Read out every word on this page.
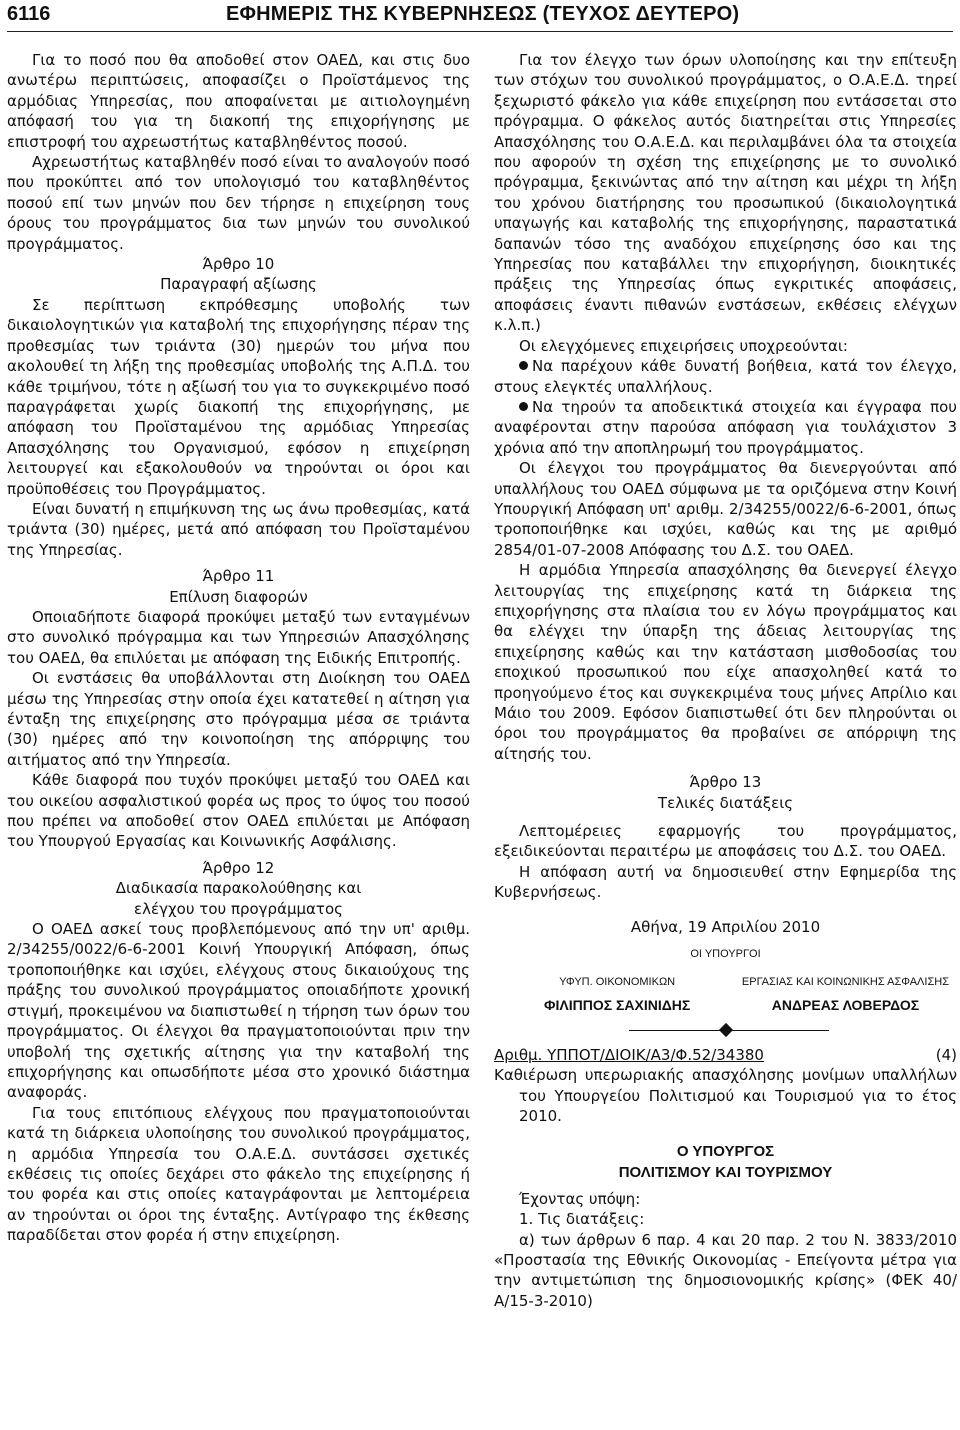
6116	ΕΦΗΜΕΡΙΣ ΤΗΣ ΚΥΒΕΡΝΗΣΕΩΣ (ΤΕΥΧΟΣ ΔΕΥΤΕΡΟ)

Για το ποσό που θα αποδοθεί στον ΟΑΕΔ, και στις δυο ανωτέρω περιπτώσεις, αποφασίζει ο Προϊστάμενος της αρμόδιας Υπηρεσίας, που αποφαίνεται με αιτιολογημένη απόφασή του για τη διακοπή της επιχορήγησης με επιστροφή του αχρεωστήτως καταβληθέντος ποσού.

Αχρεωστήτως καταβληθέν ποσό είναι το αναλογούν ποσό που προκύπτει από τον υπολογισμό του καταβληθέντος ποσού επί των μηνών που δεν τήρησε η επιχείρηση τους όρους του προγράμματος δια των μηνών του συνολικού προγράμματος.

Άρθρο 10
Παραγραφή αξίωσης

Σε περίπτωση εκπρόθεσμης υποβολής των δικαιολογητικών για καταβολή της επιχορήγησης πέραν της προθεσμίας των τριάντα (30) ημερών του μήνα που ακολουθεί τη λήξη της προθεσμίας υποβολής της Α.Π.Δ. του κάθε τριμήνου, τότε η αξίωσή του για το συγκεκριμένο ποσό παραγράφεται χωρίς διακοπή της επιχορήγησης, με απόφαση του Προϊσταμένου της αρμόδιας Υπηρεσίας Απασχόλησης του Οργανισμού, εφόσον η επιχείρηση λειτουργεί και εξακολουθούν να τηρούνται οι όροι και προϋποθέσεις του Προγράμματος.

Είναι δυνατή η επιμήκυνση της ως άνω προθεσμίας, κατά τριάντα (30) ημέρες, μετά από απόφαση του Προϊσταμένου της Υπηρεσίας.

Άρθρο 11
Επίλυση διαφορών

Οποιαδήποτε διαφορά προκύψει μεταξύ των ενταγμένων στο συνολικό πρόγραμμα και των Υπηρεσιών Απασχόλησης του ΟΑΕΔ, θα επιλύεται με απόφαση της Ειδικής Επιτροπής.

Οι ενστάσεις θα υποβάλλονται στη Διοίκηση του ΟΑΕΔ μέσω της Υπηρεσίας στην οποία έχει κατατεθεί η αίτηση για ένταξη της επιχείρησης στο πρόγραμμα μέσα σε τριάντα (30) ημέρες από την κοινοποίηση της απόρριψης του αιτήματος από την Υπηρεσία.

Κάθε διαφορά που τυχόν προκύψει μεταξύ του ΟΑΕΔ και του οικείου ασφαλιστικού φορέα ως προς το ύψος του ποσού που πρέπει να αποδοθεί στον ΟΑΕΔ επιλύεται με Απόφαση του Υπουργού Εργασίας και Κοινωνικής Ασφάλισης.

Άρθρο 12
Διαδικασία παρακολούθησης και
ελέγχου του προγράμματος

Ο ΟΑΕΔ ασκεί τους προβλεπόμενους από την υπ' αριθμ. 2/34255/0022/6-6-2001 Κοινή Υπουργική Απόφαση, όπως τροποποιήθηκε και ισχύει, ελέγχους στους δικαιούχους της πράξης του συνολικού προγράμματος οποιαδήποτε χρονική στιγμή, προκειμένου να διαπιστωθεί η τήρηση των όρων του προγράμματος. Οι έλεγχοι θα πραγματοποιούνται πριν την υποβολή της σχετικής αίτησης για την καταβολή της επιχορήγησης και οπωσδήποτε μέσα στο χρονικό διάστημα αναφοράς.

Για τους επιτόπιους ελέγχους που πραγματοποιούνται κατά τη διάρκεια υλοποίησης του συνολικού προγράμματος, η αρμόδια Υπηρεσία του Ο.Α.Ε.Δ. συντάσσει σχετικές εκθέσεις τις οποίες δεχάρει στο φάκελο της επιχείρησης ή του φορέα και στις οποίες καταγράφονται με λεπτομέρεια αν τηρούνται οι όροι της ένταξης. Αντίγραφο της έκθεσης παραδίδεται στον φορέα ή στην επιχείρηση.

Για τον έλεγχο των όρων υλοποίησης και την επίτευξη των στόχων του συνολικού προγράμματος, ο Ο.Α.Ε.Δ. τηρεί ξεχωριστό φάκελο για κάθε επιχείρηση που εντάσσεται στο πρόγραμμα. Ο φάκελος αυτός διατηρείται στις Υπηρεσίες Απασχόλησης του Ο.Α.Ε.Δ. και περιλαμβάνει όλα τα στοιχεία που αφορούν τη σχέση της επιχείρησης με το συνολικό πρόγραμμα, ξεκινώντας από την αίτηση και μέχρι τη λήξη του χρόνου διατήρησης του προσωπικού (δικαιολογητικά υπαγωγής και καταβολής της επιχορήγησης, παραστατικά δαπανών τόσο της αναδόχου επιχείρησης όσο και της Υπηρεσίας που καταβάλλει την επιχορήγηση, διοικητικές πράξεις της Υπηρεσίας όπως εγκριτικές αποφάσεις, αποφάσεις έναντι πιθανών ενστάσεων, εκθέσεις ελέγχων κ.λ.π.)

Οι ελεγχόμενες επιχειρήσεις υποχρεούνται:

Να παρέχουν κάθε δυνατή βοήθεια, κατά τον έλεγχο, στους ελεγκτές υπαλλήλους.

Να τηρούν τα αποδεικτικά στοιχεία και έγγραφα που αναφέρονται στην παρούσα απόφαση για τουλάχιστον 3 χρόνια από την αποπληρωμή του προγράμματος.

Οι έλεγχοι του προγράμματος θα διενεργούνται από υπαλλήλους του ΟΑΕΔ σύμφωνα με τα οριζόμενα στην Κοινή Υπουργική Απόφαση υπ' αριθμ. 2/34255/0022/6-6-2001, όπως τροποποιήθηκε και ισχύει, καθώς και της με αριθμό 2854/01-07-2008 Απόφασης του Δ.Σ. του ΟΑΕΔ.

Η αρμόδια Υπηρεσία απασχόλησης θα διενεργεί έλεγχο λειτουργίας της επιχείρησης κατά τη διάρκεια της επιχορήγησης στα πλαίσια του εν λόγω προγράμματος και θα ελέγχει την ύπαρξη της άδειας λειτουργίας της επιχείρησης καθώς και την κατάσταση μισθοδοσίας του εποχικού προσωπικού που είχε απασχοληθεί κατά το προηγούμενο έτος και συγκεκριμένα τους μήνες Απρίλιο και Μάιο του 2009. Εφόσον διαπιστωθεί ότι δεν πληρούνται οι όροι του προγράμματος θα προβαίνει σε απόρριψη της αίτησής του.

Άρθρο 13
Τελικές διατάξεις

Λεπτομέρειες εφαρμογής του προγράμματος, εξειδικεύονται περαιτέρω με αποφάσεις του Δ.Σ. του ΟΑΕΔ.

Η απόφαση αυτή να δημοσιευθεί στην Εφημερίδα της Κυβερνήσεως.

Αθήνα, 19 Απριλίου 2010
ΟΙ ΥΠΟΥΡΓΟΙ
ΥΦΥΠ. ΟΙΚΟΝΟΜΙΚΩΝ
ΦΙΛΙΠΠΟΣ ΣΑΧΙΝΙΔΗΣ
ΕΡΓΑΣΙΑΣ ΚΑΙ ΚΟΙΝΩΝΙΚΗΣ ΑΣΦΑΛΙΣΗΣ
ΑΝΔΡΕΑΣ ΛΟΒΕΡΔΟΣ
Αριθμ. ΥΠΠΟΤ/ΔΙΟΙΚ/Α3/Φ.52/34380	(4)
Καθιέρωση υπερωριακής απασχόλησης μονίμων υπαλλήλων του Υπουργείου Πολιτισμού και Τουρισμού για το έτος 2010.
Ο ΥΠΟΥΡΓΟΣ
ΠΟΛΙΤΙΣΜΟΥ ΚΑΙ ΤΟΥΡΙΣΜΟΥ

Έχοντας υπόψη:

1. Τις διατάξεις:

α) των άρθρων 6 παρ. 4 και 20 παρ. 2 του Ν. 3833/2010 «Προστασία της Εθνικής Οικονομίας - Επείγοντα μέτρα για την αντιμετώπιση της δημοσιονομικής κρίσης» (ΦΕΚ 40/Α/15-3-2010)
